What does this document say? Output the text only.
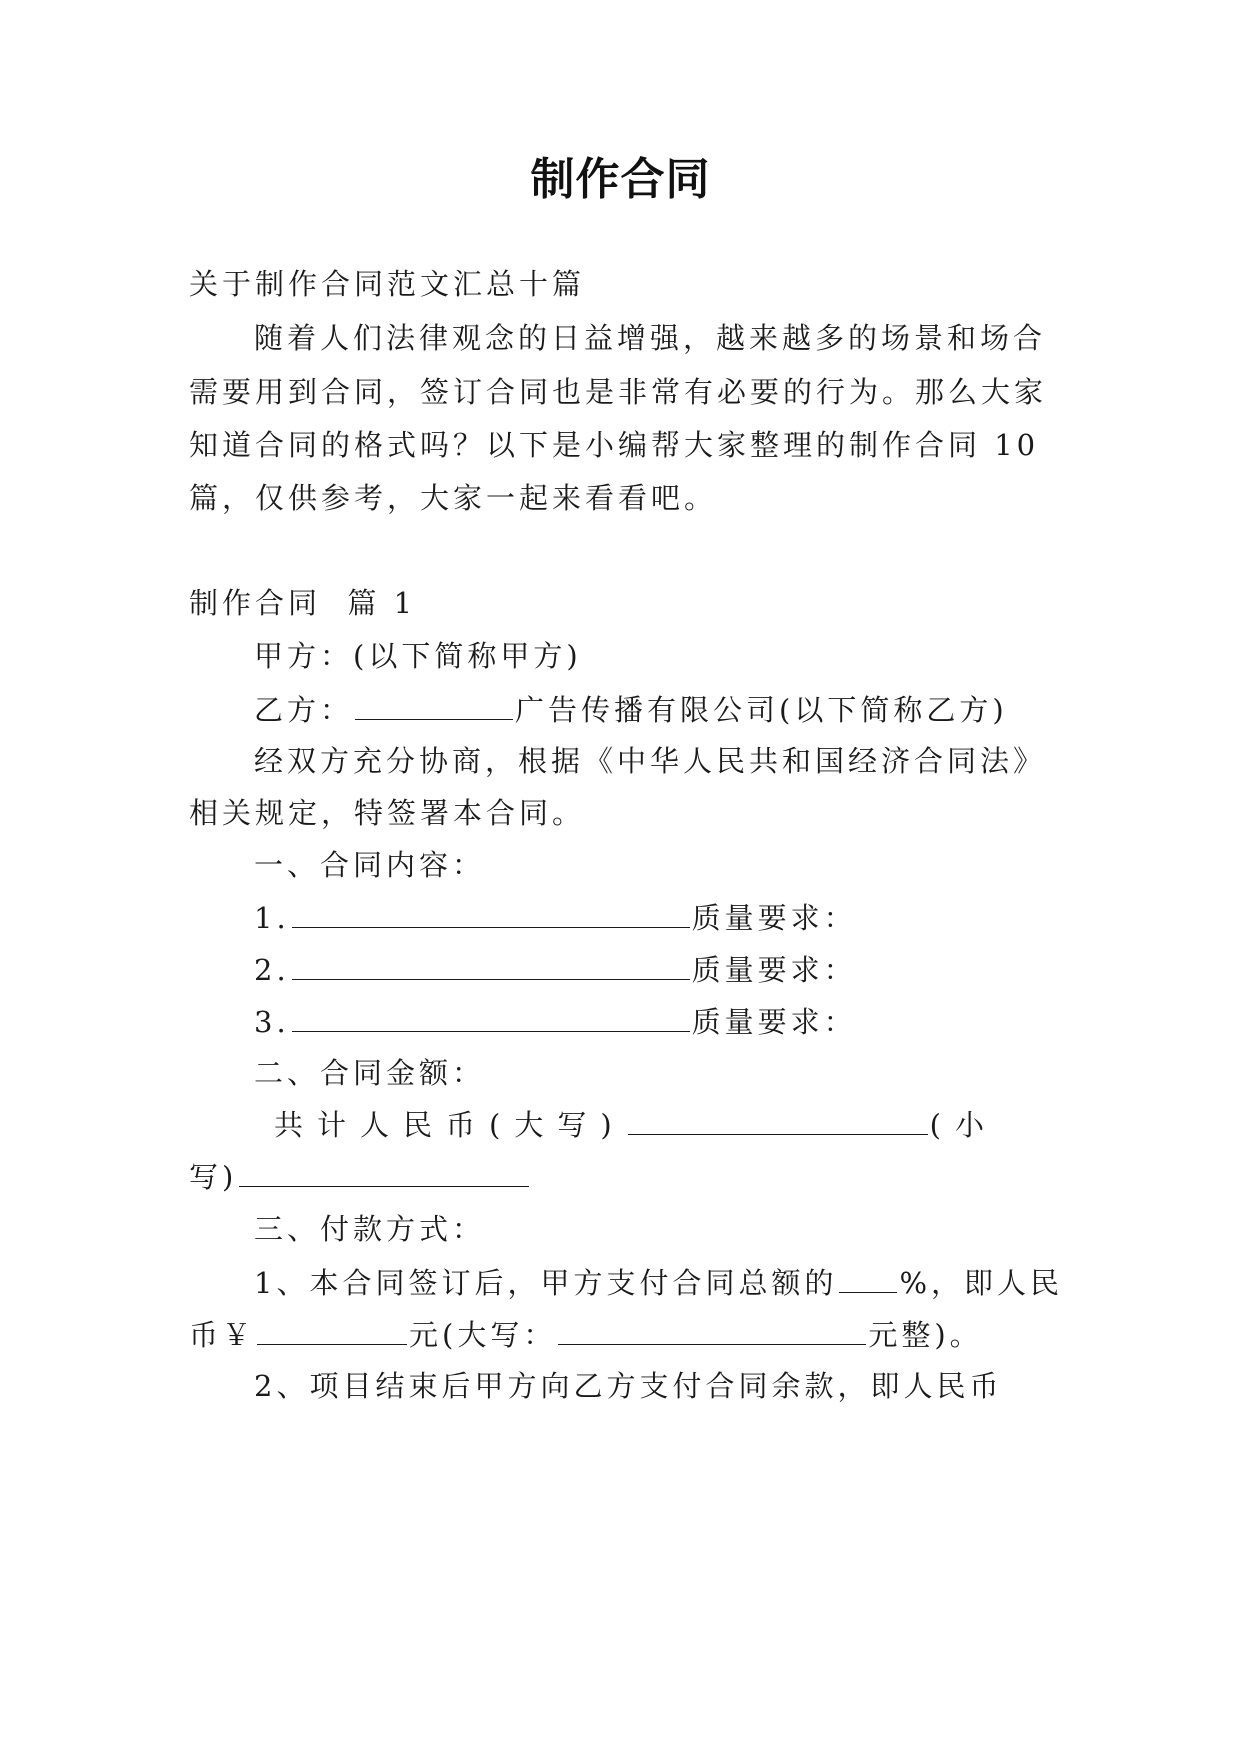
制作合同
关于制作合同范文汇总十篇
随着人们法律观念的日益增强，越来越多的场景和场合
需要用到合同，签订合同也是非常有必要的行为。那么大家
知道合同的格式吗？以下是小编帮大家整理的制作合同 10
篇，仅供参考，大家一起来看看吧。
制作合同  篇 1
甲方：(以下简称甲方)
乙方：	广告传播有限公司(以下简称乙方)
经双方充分协商，根据《中华人民共和国经济合同法》
相关规定，特签署本合同。
一、合同内容：
1.	质量要求：
2.	质量要求：
3.	质量要求：
二、合同金额：
共计人民币(大写)	(小
写)
三、付款方式：
1、本合同签订后，甲方支付合同总额的 %，即人民
币￥	元(大写：	元整)。
2、项目结束后甲方向乙方支付合同余款，即人民币
